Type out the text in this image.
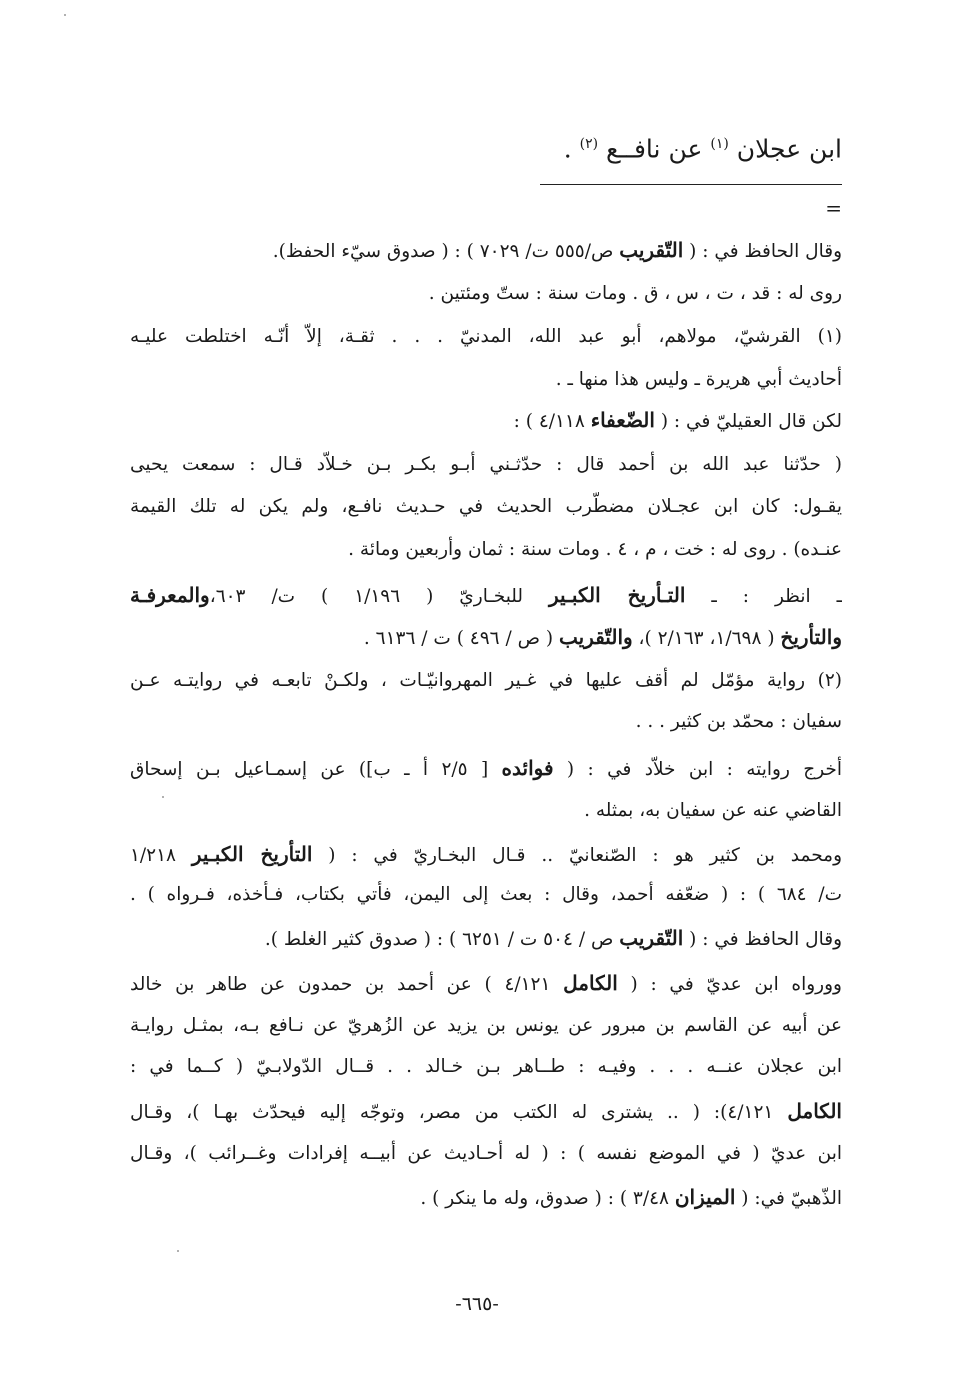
ابن عجلان $^{(١)}$ عن نافــع $^{(٢)}$ .
=
وقال الحافظ في : ( التّقريب ص/٥٥٥ ت/ ٧٠٢٩ ) : ( صدوق سيّء الحفظ).
روى له : قد ، ت ، س ، ق . ومات سنة : ستّ ومئتين .
(١) القرشيّ، مولاهم، أبو عبد الله، المدنيّ . . . ثقـة، إلاّ أنّـه اختلطت عليـه
أحاديث أبي هريرة ـ وليس هذا منها ـ .
لكن قال العقيليّ في : ( الضّعفاء ٤/١١٨ ) :
( حدّثنا عبد الله بن أحمد قال : حدّثـني أبـو بكـر بـن خـلاّد قـال : سمعت يحيى
يقـول: كان ابن عجـلان مضطّرب الحديث في حـديث نافـع، ولم يكن له تلك القيمة
عنـده) . روى له : خت ، م ، ٤ . ومات سنة : ثمان وأربعين ومائة .
ـ انظر : ـ التـأريخ الكبـير للبخـاريّ ( ١/١٩٦ ) ت/ ٦٠٣،والمعرفـة
والتأريخ ( ١/٦٩٨، ٢/١٦٣ )، والتّقريب ( ص / ٤٩٦ ) ت / ٦١٣٦ .
(٢) رواية مؤمّل لم أقف عليها في غـير المهروانيّـات ، ولكـنْ تابعـه في روايتـه عـن
سفيان : محمّد بن كثير . . .
أخرج روايته : ابن خلاّد في : ( فوائده [ ٢/٥ أ ـ ب]) عن إسمـاعيل بـن إسحاق
القاضي عنه عن سفيان به، بمثله .
ومحمد بن كثير هو : الصّنعانيّ .. قـال البخـاريّ في : ( التأريخ الكبـير ١/٢١٨
ت/ ٦٨٤ ) : ( ضعّفه أحمد، وقال : بعث إلى اليمن، فأتي بكتاب، فـأخذه، فـرواه ) .
وقال الحافظ في : ( التّقريب ص / ٥٠٤ ت / ٦٢٥١ ) : ( صدوق كثير الغلط ).
وورواه ابن عديّ في : ( الكامل ٤/١٢١ ) عن أحمد بن حمدون عن طاهر بن خالد
عن أبيه عن القاسم بن مبرور عن يونس بن يزيد عن الزُهريّ عن نـافع بـه، بمثـل روايـة
ابن عجلان عنــه . . . وفيـه : طــاهر بـن خـالد . . قــال الدّولابـيّ ( كــما في :
الكامل ٤/١٢١): ( .. يشترى له الكتب من مصر، وتوجّه إليه فيحدّث بهـا )، وقـال
ابن عديّ ( في الموضع نفسه ) : ( له أحـاديث عن أبيــه إفرادات وغــرائب )، وقـال
الذّهبيّ في: ( الميزان ٣/٤٨ ) : ( صدوق، وله ما ينكر ) .
-٦٦٥-
